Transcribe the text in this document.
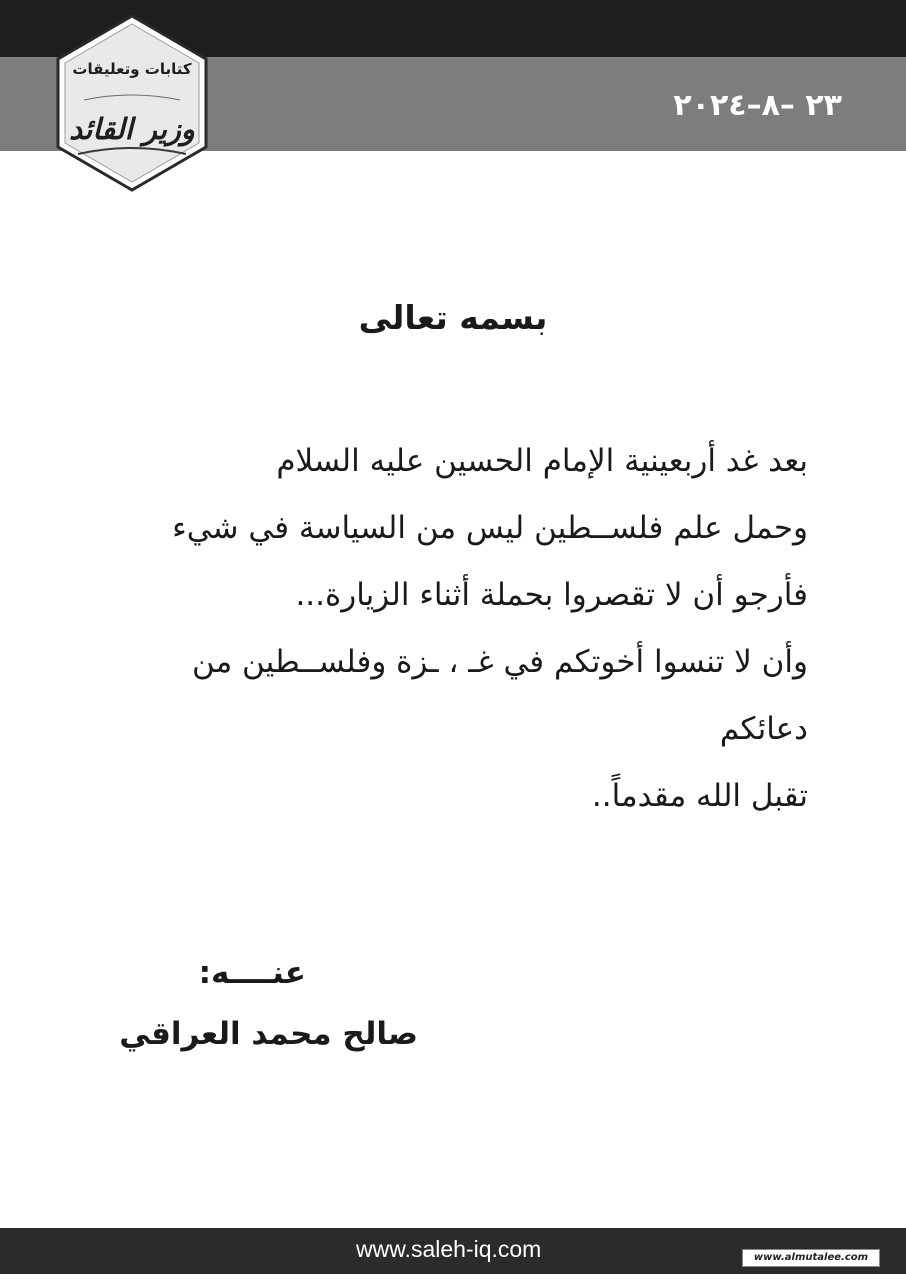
٢٣ –٨–٢٠٢٤
كتابات وتعليقات
وزير القائد
بسمه تعالى
بعد غد أربعينية الإمام الحسين عليه السلام
وحمل علم فلســطين ليس من السياسة في شيء
فأرجو أن لا تقصروا بحملة أثناء الزيارة...
وأن لا تنسوا أخوتكم في غـ ، ـزة وفلســطين من
دعائكم
تقبل الله مقدماً..
عنــــه:
صالح محمد العراقي
www.saleh-iq.com	www.almutalee.com
